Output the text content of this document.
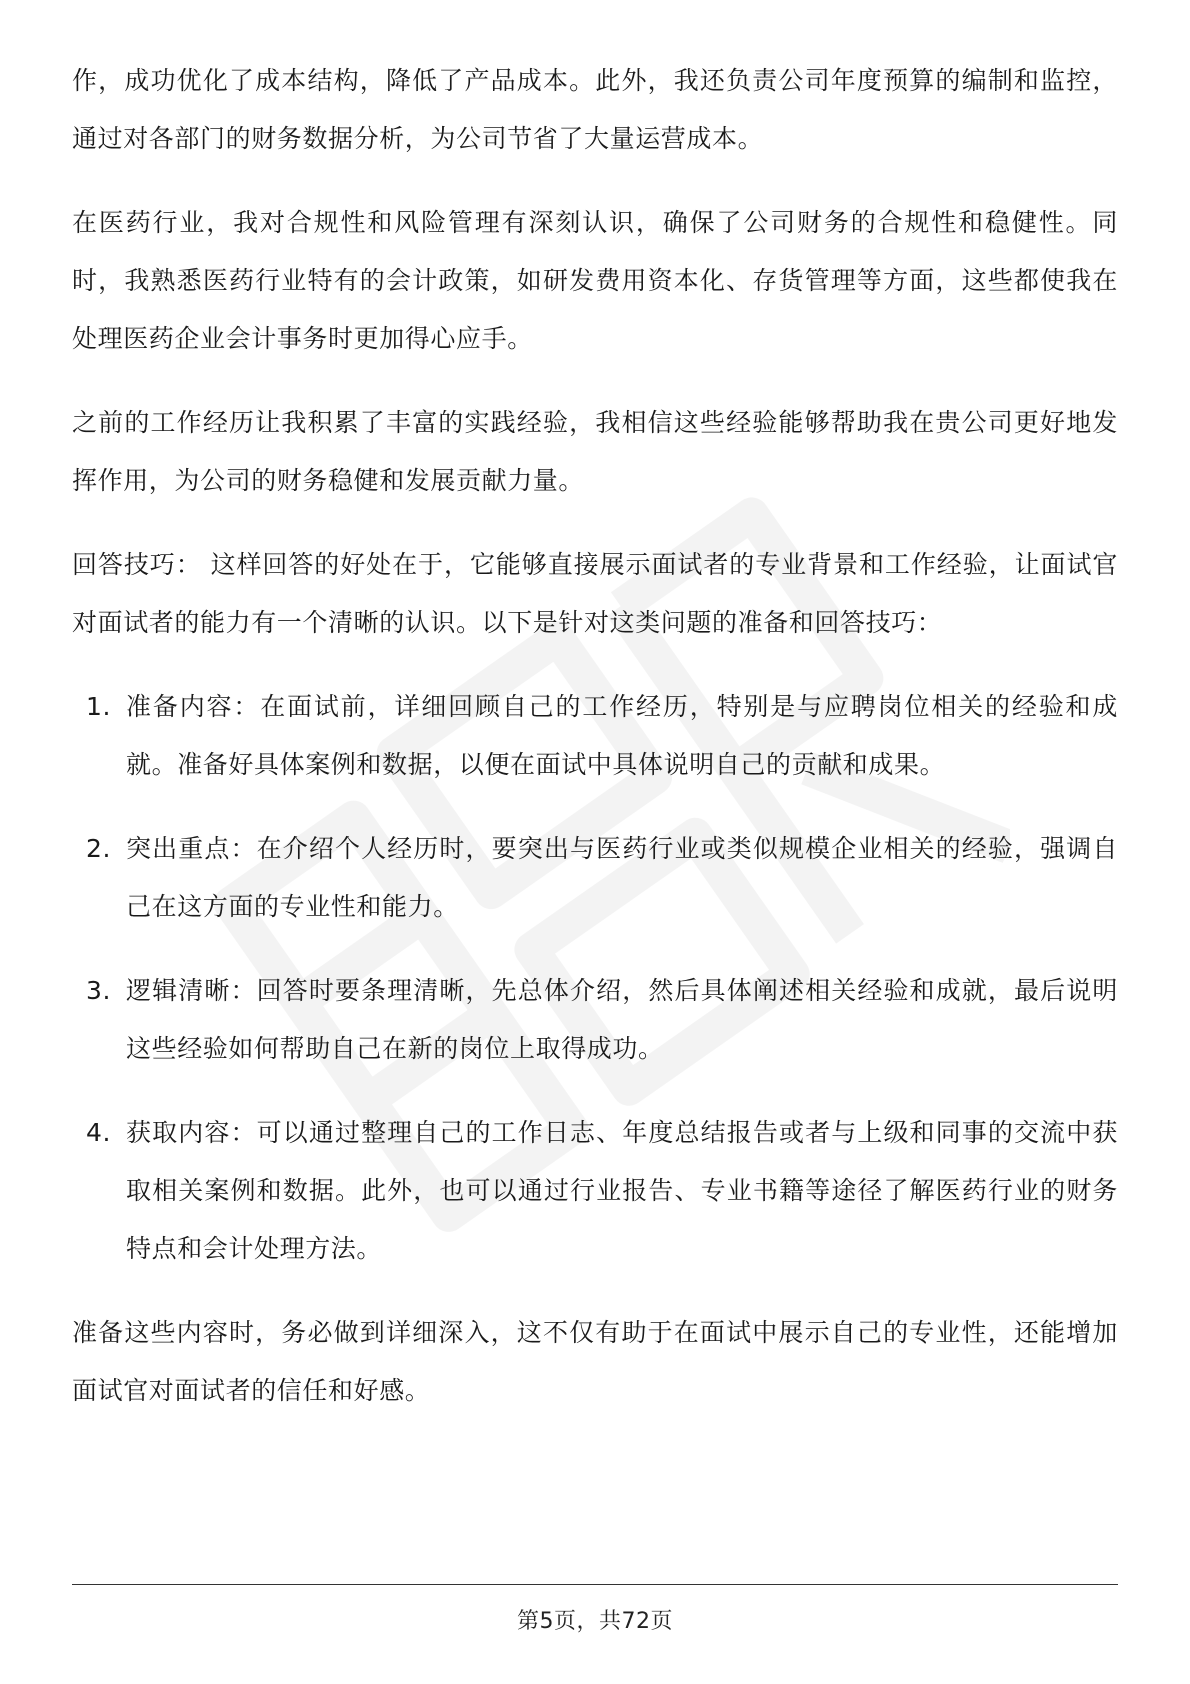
作，成功优化了成本结构，降低了产品成本。此外，我还负责公司年度预算的编制和监控，通过对各部门的财务数据分析，为公司节省了大量运营成本。

在医药行业，我对合规性和风险管理有深刻认识，确保了公司财务的合规性和稳健性。同时，我熟悉医药行业特有的会计政策，如研发费用资本化、存货管理等方面，这些都使我在处理医药企业会计事务时更加得心应手。

之前的工作经历让我积累了丰富的实践经验，我相信这些经验能够帮助我在贵公司更好地发挥作用，为公司的财务稳健和发展贡献力量。

回答技巧： 这样回答的好处在于，它能够直接展示面试者的专业背景和工作经验，让面试官对面试者的能力有一个清晰的认识。以下是针对这类问题的准备和回答技巧：

1. 准备内容：在面试前，详细回顾自己的工作经历，特别是与应聘岗位相关的经验和成就。准备好具体案例和数据，以便在面试中具体说明自己的贡献和成果。
2. 突出重点：在介绍个人经历时，要突出与医药行业或类似规模企业相关的经验，强调自己在这方面的专业性和能力。
3. 逻辑清晰：回答时要条理清晰，先总体介绍，然后具体阐述相关经验和成就，最后说明这些经验如何帮助自己在新的岗位上取得成功。
4. 获取内容：可以通过整理自己的工作日志、年度总结报告或者与上级和同事的交流中获取相关案例和数据。此外，也可以通过行业报告、专业书籍等途径了解医药行业的财务特点和会计处理方法。

准备这些内容时，务必做到详细深入，这不仅有助于在面试中展示自己的专业性，还能增加面试官对面试者的信任和好感。

第5页，共72页
